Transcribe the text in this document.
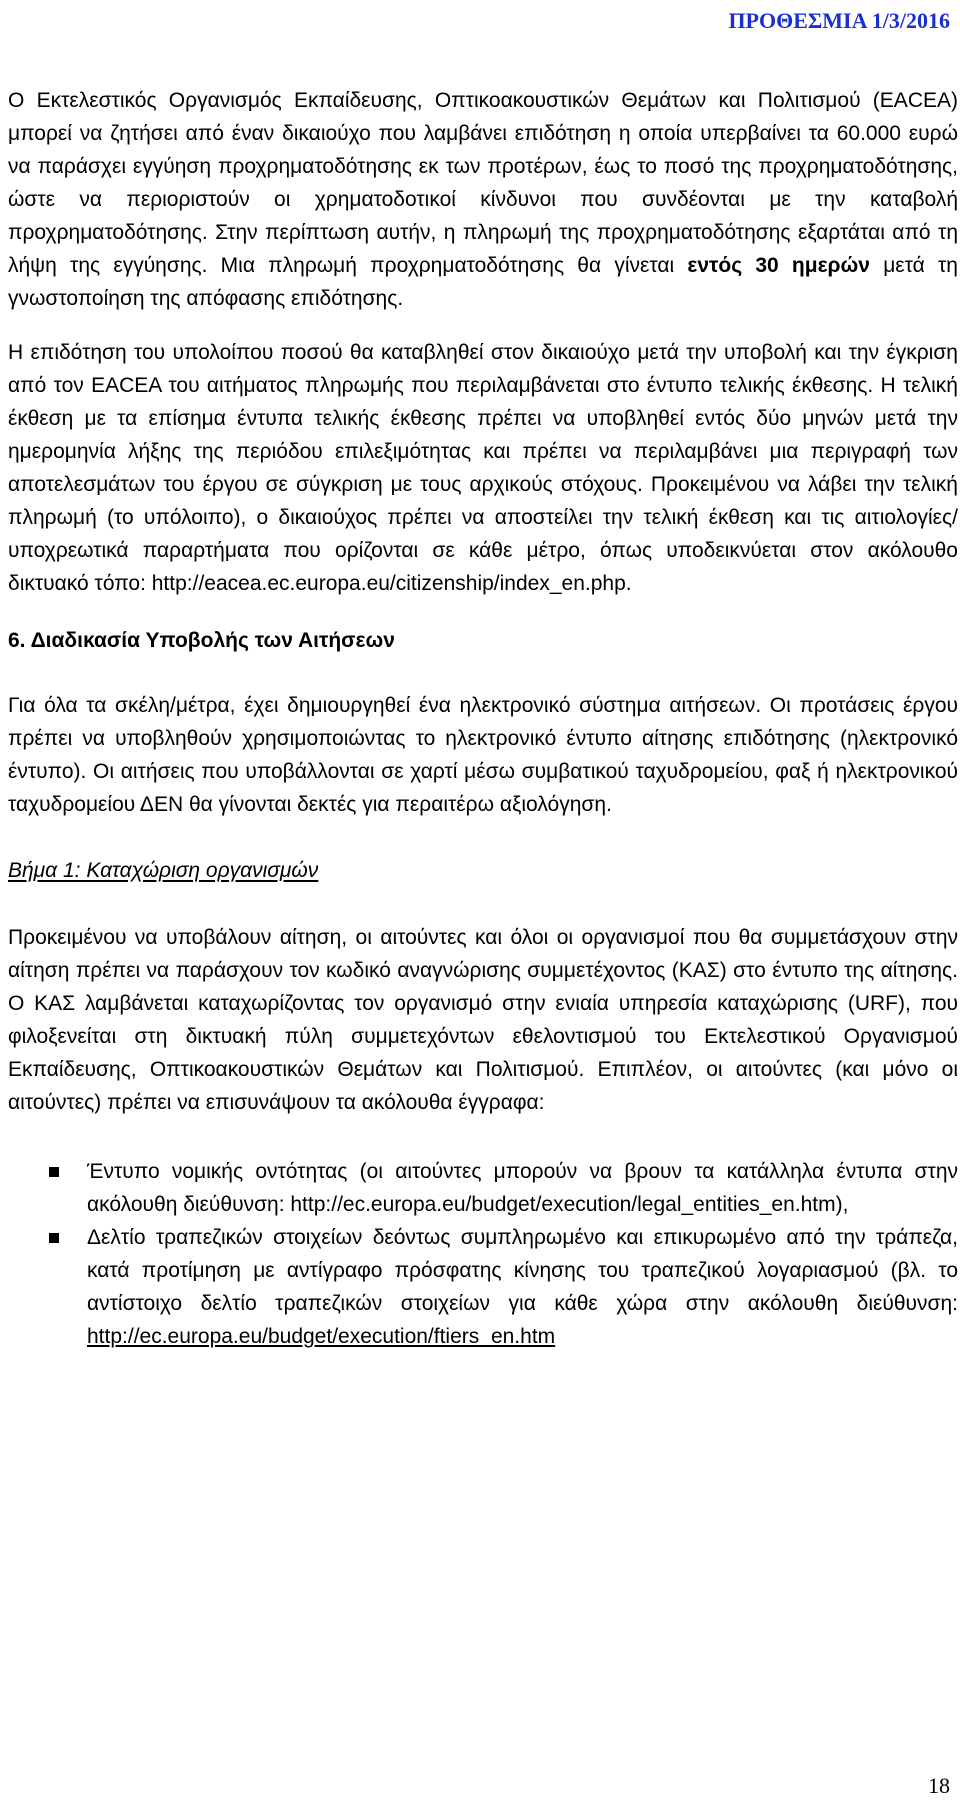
ΠΡΟΘΕΣΜΙΑ 1/3/2016

Ο Εκτελεστικός Οργανισμός Εκπαίδευσης, Οπτικοακουστικών Θεμάτων και Πολιτισμού (EACEA) μπορεί να ζητήσει από έναν δικαιούχο που λαμβάνει επιδότηση η οποία υπερβαίνει τα 60.000 ευρώ να παράσχει εγγύηση προχρηματοδότησης εκ των προτέρων, έως το ποσό της προχρηματοδότησης, ώστε να περιοριστούν οι χρηματοδοτικοί κίνδυνοι που συνδέονται με την καταβολή προχρηματοδότησης. Στην περίπτωση αυτήν, η πληρωμή της προχρηματοδότησης εξαρτάται από τη λήψη της εγγύησης. Μια πληρωμή προχρηματοδότησης θα γίνεται εντός 30 ημερών μετά τη γνωστοποίηση της απόφασης επιδότησης.

Η επιδότηση του υπολοίπου ποσού θα καταβληθεί στον δικαιούχο μετά την υποβολή και την έγκριση από τον EACEA του αιτήματος πληρωμής που περιλαμβάνεται στο έντυπο τελικής έκθεσης. Η τελική έκθεση με τα επίσημα έντυπα τελικής έκθεσης πρέπει να υποβληθεί εντός δύο μηνών μετά την ημερομηνία λήξης της περιόδου επιλεξιμότητας και πρέπει να περιλαμβάνει μια περιγραφή των αποτελεσμάτων του έργου σε σύγκριση με τους αρχικούς στόχους. Προκειμένου να λάβει την τελική πληρωμή (το υπόλοιπο), ο δικαιούχος πρέπει να αποστείλει την τελική έκθεση και τις αιτιολογίες/υποχρεωτικά παραρτήματα που ορίζονται σε κάθε μέτρο, όπως υποδεικνύεται στον ακόλουθο δικτυακό τόπο: http://eacea.ec.europa.eu/citizenship/index_en.php.

6. Διαδικασία Υποβολής των Αιτήσεων

Για όλα τα σκέλη/μέτρα, έχει δημιουργηθεί ένα ηλεκτρονικό σύστημα αιτήσεων. Οι προτάσεις έργου πρέπει να υποβληθούν χρησιμοποιώντας το ηλεκτρονικό έντυπο αίτησης επιδότησης (ηλεκτρονικό έντυπο). Οι αιτήσεις που υποβάλλονται σε χαρτί μέσω συμβατικού ταχυδρομείου, φαξ ή ηλεκτρονικού ταχυδρομείου ΔΕΝ θα γίνονται δεκτές για περαιτέρω αξιολόγηση.

Βήμα 1: Καταχώριση οργανισμών

Προκειμένου να υποβάλουν αίτηση, οι αιτούντες και όλοι οι οργανισμοί που θα συμμετάσχουν στην αίτηση πρέπει να παράσχουν τον κωδικό αναγνώρισης συμμετέχοντος (ΚΑΣ) στο έντυπο της αίτησης. Ο ΚΑΣ λαμβάνεται καταχωρίζοντας τον οργανισμό στην ενιαία υπηρεσία καταχώρισης (URF), που φιλοξενείται στη δικτυακή πύλη συμμετεχόντων εθελοντισμού του Εκτελεστικού Οργανισμού Εκπαίδευσης, Οπτικοακουστικών Θεμάτων και Πολιτισμού. Επιπλέον, οι αιτούντες (και μόνο οι αιτούντες) πρέπει να επισυνάψουν τα ακόλουθα έγγραφα:

Έντυπο νομικής οντότητας (οι αιτούντες μπορούν να βρουν τα κατάλληλα έντυπα στην ακόλουθη διεύθυνση: http://ec.europa.eu/budget/execution/legal_entities_en.htm),
Δελτίο τραπεζικών στοιχείων δεόντως συμπληρωμένο και επικυρωμένο από την τράπεζα, κατά προτίμηση με αντίγραφο πρόσφατης κίνησης του τραπεζικού λογαριασμού (βλ. το αντίστοιχο δελτίο τραπεζικών στοιχείων για κάθε χώρα στην ακόλουθη διεύθυνση: http://ec.europa.eu/budget/execution/ftiers_en.htm
18
